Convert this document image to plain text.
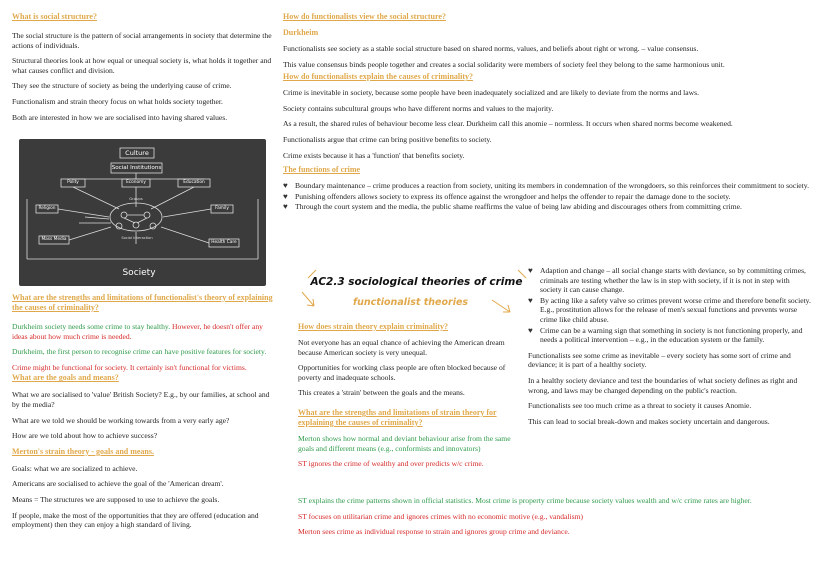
What is social structure?

The social structure is the pattern of social arrangements in society that determine the actions of individuals.

Structural theories look at how equal or unequal society is, what holds it together and what causes conflict and division.

They see the structure of society as being the underlying cause of crime.

Functionalism and strain theory focus on what holds society together.

Both are interested in how we are socialised into having shared values.

Culture
Social Institutions
Polity	Economy	Education
Groups
Religion	Family
Mass Media	Social Interaction
Health Care
Society
What are the strengths and limitations of functionalist's theory of explaining the causes of criminality?

Durkheim society needs some crime to stay healthy. However, he doesn't offer any ideas about how much crime is needed.

Durkheim, the first person to recognise crime can have positive features for society.

Crime might be functional for society. It certainly isn't functional for victims.

What are the goals and means?

What we are socialised to 'value' British Society? E.g., by our families, at school and by the media?

What are we told we should be working towards from a very early age?

How are we told about how to achieve success?

Merton's strain theory - goals and means.

Goals: what we are socialized to achieve.

Americans are socialised to achieve the goal of the 'American dream'.

Means = The structures we are supposed to use to achieve the goals.

If people, make the most of the opportunities that they are offered (education and employment) then they can enjoy a high standard of living.

How do functionalists view the social structure?
Durkheim

Functionalists see society as a stable social structure based on shared norms, values, and beliefs about right or wrong. – value consensus.

This value consensus binds people together and creates a social solidarity were members of society feel they belong to the same harmonious unit.

How do functionalists explain the causes of criminality?

Crime is inevitable in society, because some people have been inadequately socialized and are likely to deviate from the norms and laws.

Society contains subcultural groups who have different norms and values to the majority.

As a result, the shared rules of behaviour become less clear. Durkheim call this anomie – normless. It occurs when shared norms become weakened.

Functionalists argue that crime can bring positive benefits to society.

Crime exists because it has a 'function' that benefits society.

The functions of crime
♥ Boundary maintenance – crime produces a reaction from society, uniting its members in condemnation of the wrongdoers, so this reinforces their commitment to society.
♥ Punishing offenders allows society to express its offence against the wrongdoer and helps the offender to repair the damage done to the society.
♥ Through the court system and the media, the public shame reaffirms the value of being law abiding and discourages others from committing crime.
AC2.3 sociological theories of crime
functionalist theories
How does strain theory explain criminality?

Not everyone has an equal chance of achieving the American dream because American society is very unequal.

Opportunities for working class people are often blocked because of poverty and inadequate schools.

This creates a 'strain' between the goals and the means.

What are the strengths and limitations of strain theory for explaining the causes of criminality?

Merton shows how normal and deviant behaviour arise from the same goals and different means (e.g., conformists and innovators)

ST ignores the crime of wealthy and over predicts w/c crime.

ST explains the crime patterns shown in official statistics. Most crime is property crime because society values wealth and w/c crime rates are higher.

ST focuses on utilitarian crime and ignores crimes with no economic motive (e.g., vandalism)

Merton sees crime as individual response to strain and ignores group crime and deviance.

♥ Adaption and change – all social change starts with deviance, so by committing crimes, criminals are testing whether the law is in step with society, if it is not in step with society it can cause change.
♥ By acting like a safety valve so crimes prevent worse crime and therefore benefit society. E.g., prostitution allows for the release of men's sexual functions and prevents worse crime like child abuse.
♥ Crime can be a warning sign that something in society is not functioning properly, and needs a political intervention – e.g., in the education system or the family.

Functionalists see some crime as inevitable – every society has some sort of crime and deviance; it is part of a healthy society.

In a healthy society deviance and test the boundaries of what society defines as right and wrong, and laws may be changed depending on the public's reaction.

Functionalists see too much crime as a threat to society it causes Anomie.

This can lead to social break-down and makes society uncertain and dangerous.
